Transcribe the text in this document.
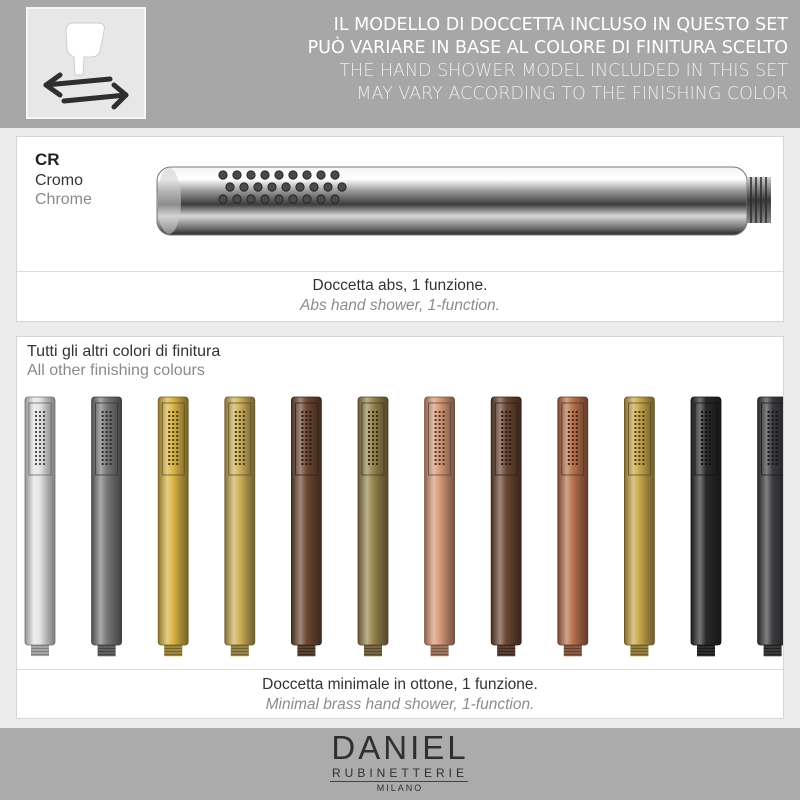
IL MODELLO DI DOCCETTA INCLUSO IN QUESTO SET
PUÒ VARIARE IN BASE AL COLORE DI FINITURA SCELTO
THE HAND SHOWER MODEL INCLUDED IN THIS SET
MAY VARY ACCORDING TO THE FINISHING COLOR
CR
Cromo
Chrome
Doccetta abs, 1 funzione.
Abs hand shower, 1-function.
Tutti gli altri colori di finitura
All other finishing colours
Doccetta minimale in ottone, 1 funzione.
Minimal brass hand shower, 1-function.
DANIEL
RUBINETTERIE
MILANO
